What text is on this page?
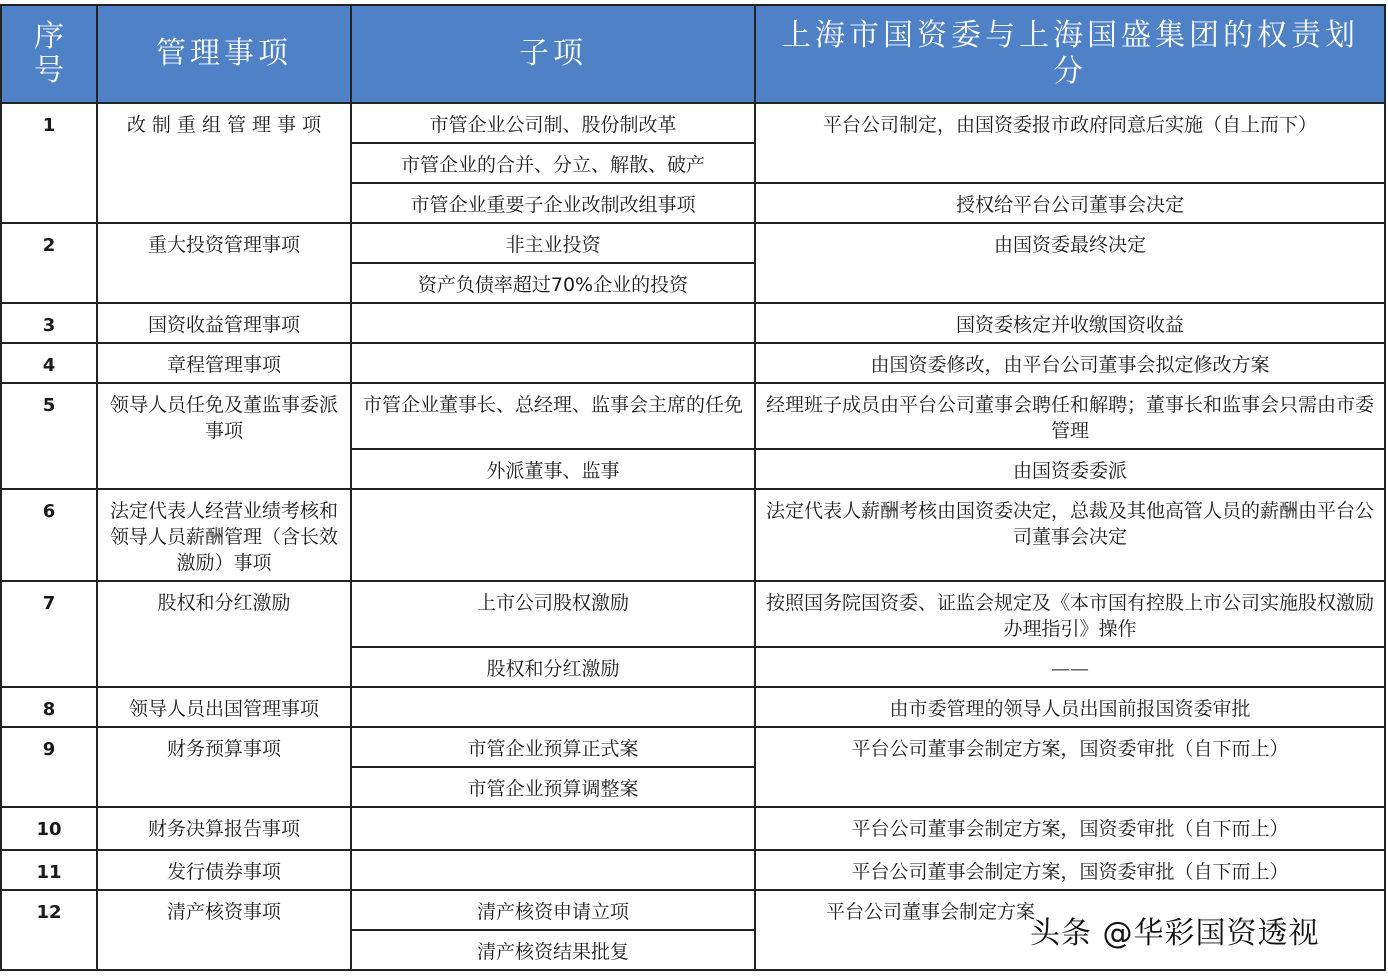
序
号	管理事项	子项	上海市国资委与上海国盛集团的权责划分
1	改 制 重 组 管 理 事 项	市管企业公司制、股份制改革	平台公司制定，由国资委报市政府同意后实施（自上而下）
		市管企业的合并、分立、解散、破产	
		市管企业重要子企业改制改组事项	授权给平台公司董事会决定
2	重大投资管理事项	非主业投资	由国资委最终决定
		资产负债率超过70%企业的投资	
3	国资收益管理事项		国资委核定并收缴国资收益
4	章程管理事项		由国资委修改，由平台公司董事会拟定修改方案
5	领导人员任免及董监事委派事项	市管企业董事长、总经理、监事会主席的任免	经理班子成员由平台公司董事会聘任和解聘；董事长和监事会只需由市委管理
		外派董事、监事	由国资委委派
6	法定代表人经营业绩考核和领导人员薪酬管理（含长效激励）事项		法定代表人薪酬考核由国资委决定，总裁及其他高管人员的薪酬由平台公司董事会决定
7	股权和分红激励	上市公司股权激励	按照国务院国资委、证监会规定及《本市国有控股上市公司实施股权激励办理指引》操作
		股权和分红激励	——
8	领导人员出国管理事项		由市委管理的领导人员出国前报国资委审批
9	财务预算事项	市管企业预算正式案	平台公司董事会制定方案，国资委审批（自下而上）
		市管企业预算调整案	
10	财务决算报告事项		平台公司董事会制定方案，国资委审批（自下而上）
11	发行债券事项		平台公司董事会制定方案，国资委审批（自下而上）
12	清产核资事项	清产核资申请立项	平台公司董事会制定方案
		清产核资结果批复	
头条 @华彩国资透视
